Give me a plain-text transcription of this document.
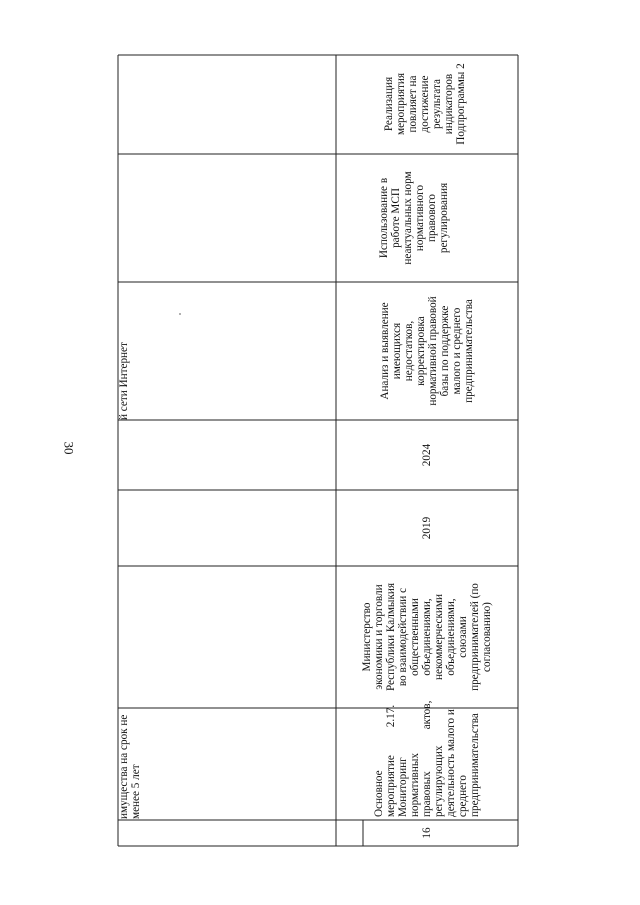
30
имущества на срок не менее 5 лет
й сети Интернет
16
Основное мероприятие          2.17. Мониторинг нормативных правовых               актов, регулирующих деятельность малого и среднего предпринимательства
Министерство экономики и торговли Республики Калмыкия во взаимодействии с общественными объединениями, некоммерческими объединениями, союзами предпринимателей (по согласованию)
2019
2024
Анализ и выявление имеющихся недостатков, корректировка нормативной правовой базы по поддержке малого и среднего предпринимательства
Использование в работе МСП неактуальных норм нормативного правового регулирования
Реализация мероприятия повлияет на достижение результата индикаторов Подпрограммы 2
